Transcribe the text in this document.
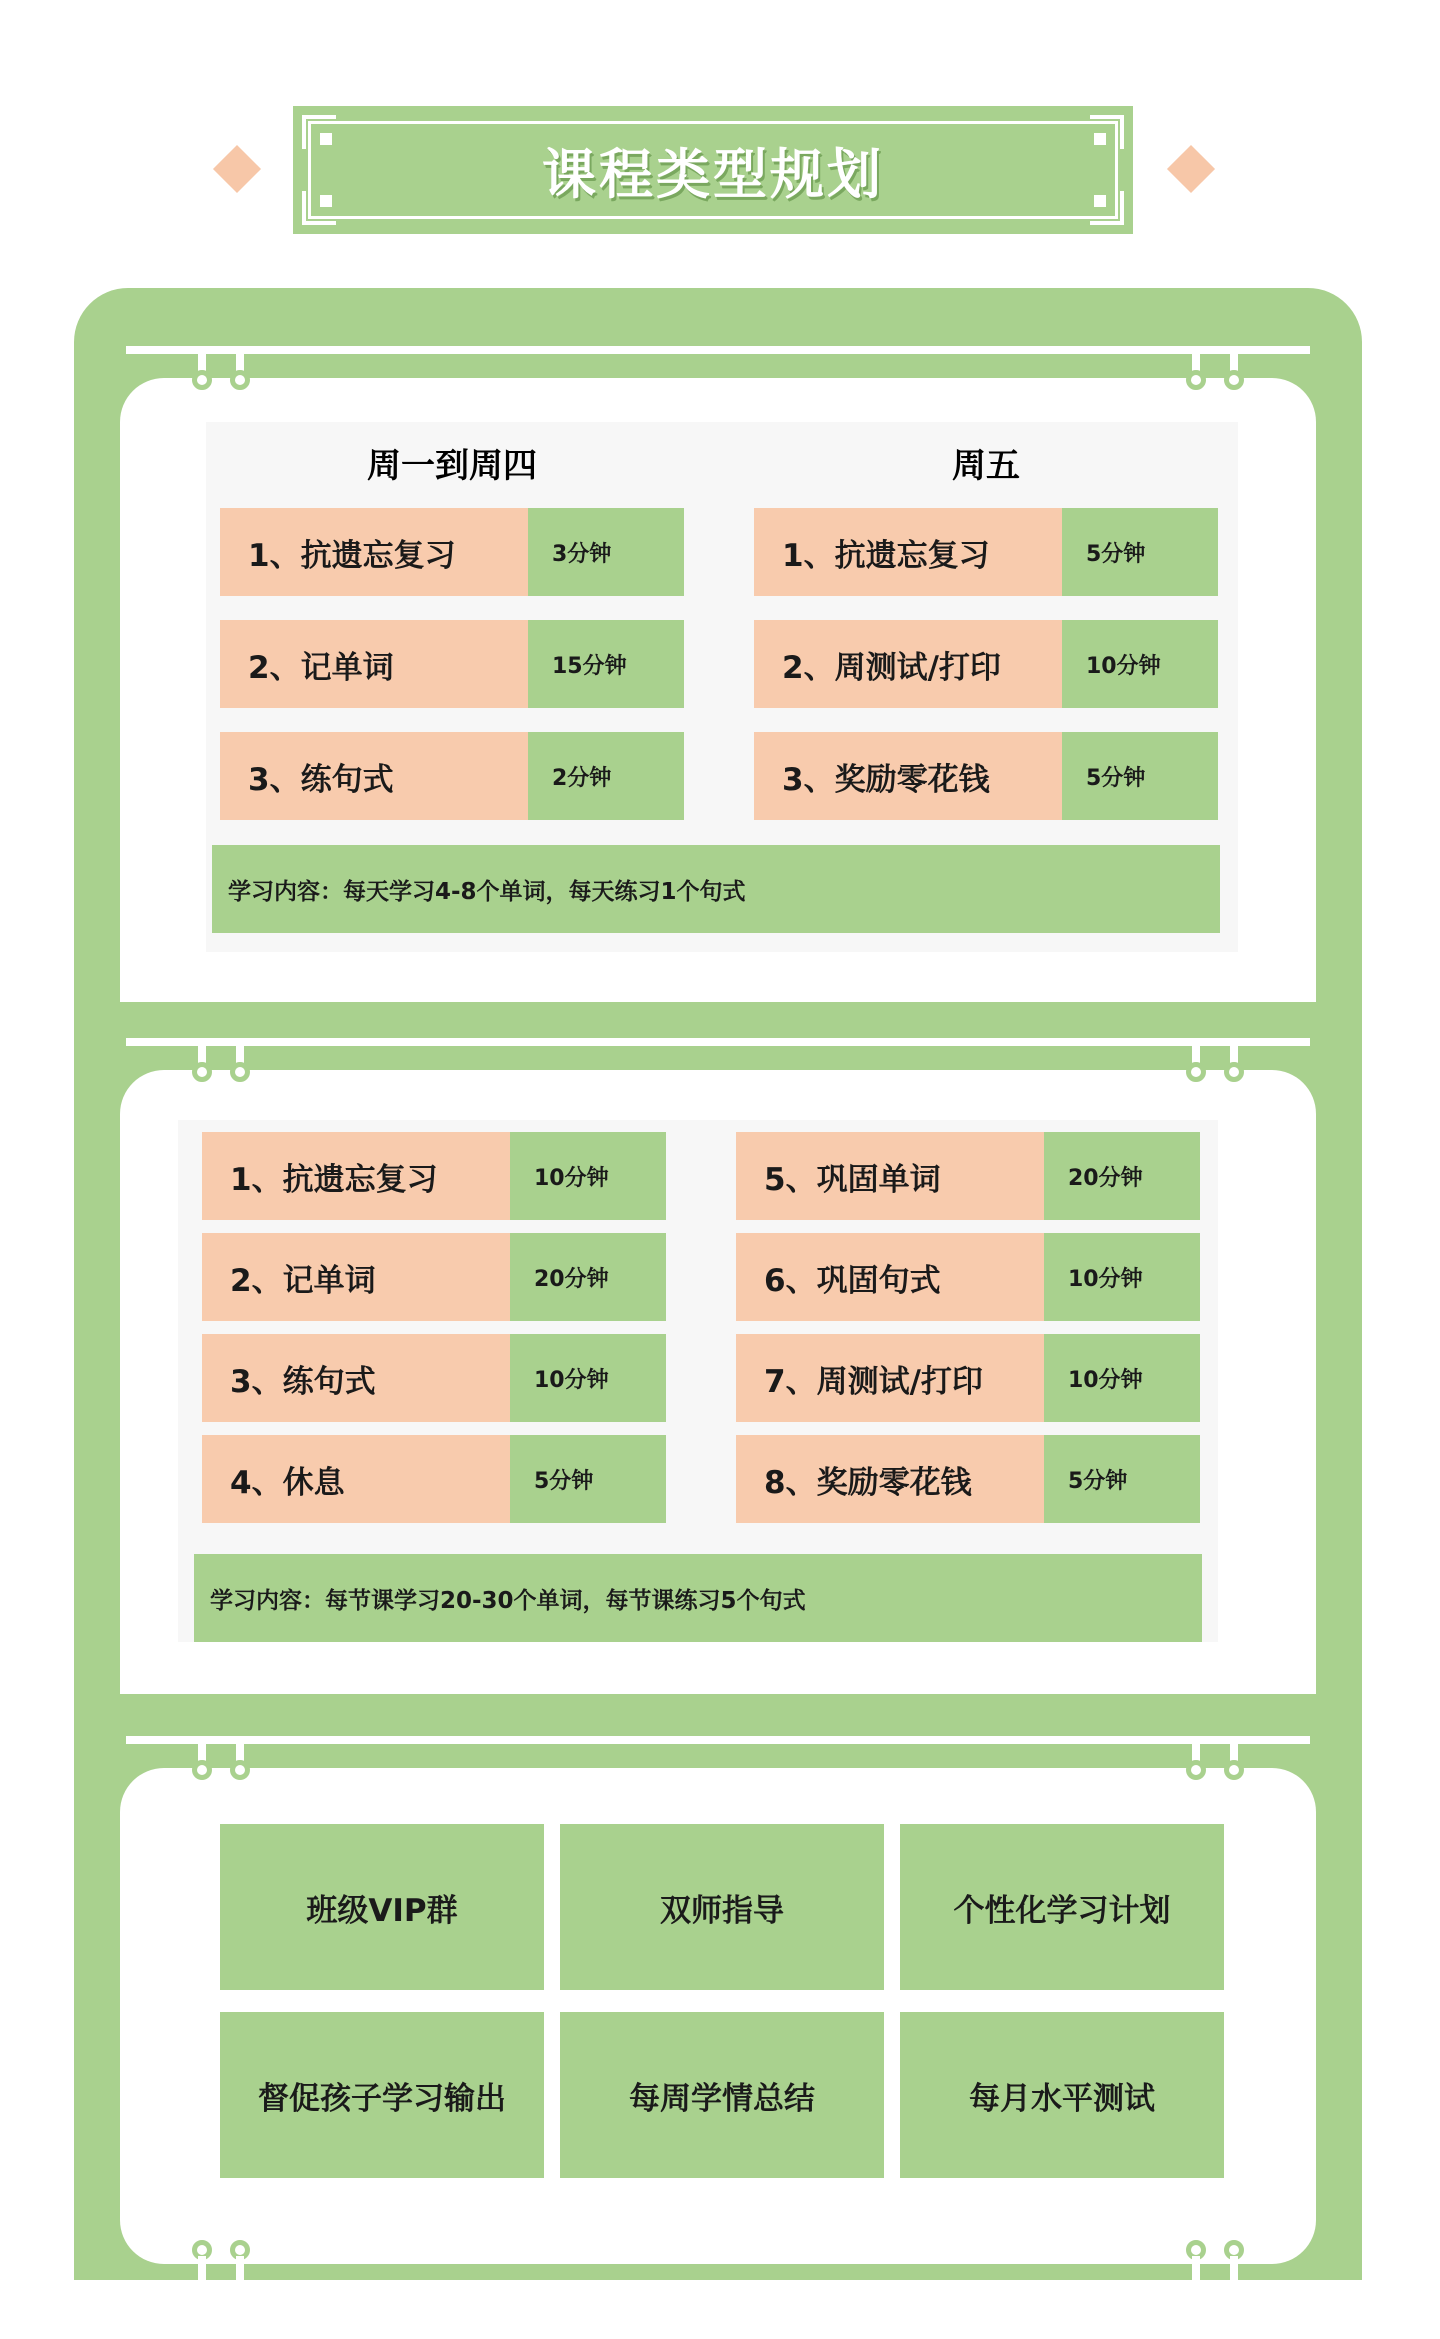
课程类型规划
周一到周四	周五
1、抗遗忘复习	3分钟
2、记单词	15分钟
3、练句式	2分钟
1、抗遗忘复习	5分钟
2、周测试/打印	10分钟
3、奖励零花钱	5分钟
学习内容：每天学习4-8个单词，每天练习1个句式
1、抗遗忘复习	10分钟
2、记单词	20分钟
3、练句式	10分钟
4、休息	5分钟
5、巩固单词	20分钟
6、巩固句式	10分钟
7、周测试/打印	10分钟
8、奖励零花钱	5分钟
学习内容：每节课学习20-30个单词，每节课练习5个句式
班级VIP群	双师指导	个性化学习计划
督促孩子学习输出	每周学情总结	每月水平测试
